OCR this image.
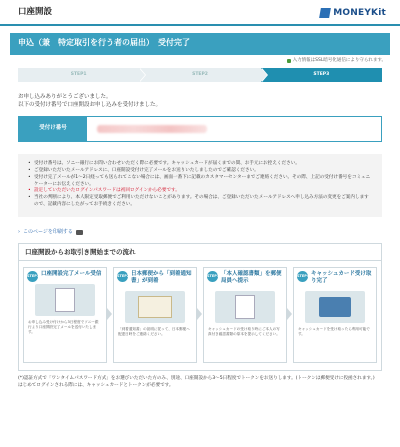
口座開設	MONEYKit
申込（兼　特定取引を行う者の届出）　受付完了
入力情報はSSL暗号化通信により守られます。
STEP1	STEP2	STEP3

お申し込みありがとうございました。

以下の受付け番号で口座開設お申し込みを受付けました。

受付け番号
• 受付け番号は、ソニー銀行にお問い合わせいただく際に必要です。キャッシュカードが届くまでの間、お手元にお控えください。
• ご登録いただいたメールアドレスに、口座開設受付け完了メールをお送りいたしましたのでご確認ください。
• 受付け完了メールが1〜2日経っても送られてこない場合には、画面一番下に記載のカスタマーセンターまでご連絡ください。その際、上記の受付け番号をコミュニケーターにお伝えください。
• 設定していただいたログインパスワードは初回ログインから必要です。
• 当社の判断により、本人限定受取郵便でご利用いただけないことがあります。その場合は、ご登録いただいたメールアドレスへ申し込み方法の変更をご案内しますので、記載内容にしたがってお手続きください。
› このページを印刷する
口座開設からお取引き開始までの流れ
STEP1 口座開設完了メール受信
お申し込み受け付けから3日程度でソニー銀行より口座開設完了メールを送付いたします。
STEP2 日本郵便から「到着通知書」が到着
「到着通知書」の説明に従って、日本郵便へ配達日時をご連絡ください。
STEP3 「本人確認書類」を郵便局員へ提示
キャッシュカードの受け取り時にご本人の写真付き確認書類の原本を提示してください。
STEP4 キャッシュカード受け取り完了
キャッシュカードを受け取ったら利用可能です。

(*)認証方式で「ワンタイムパスワード方式」をお選びいただいた方のみ、別途、口座開設から3〜5日程度でトークンをお送りします。(トークンは郵便受けに投函されます。)

はじめてログインされる際には、キャッシュカードとトークンが必要です。
